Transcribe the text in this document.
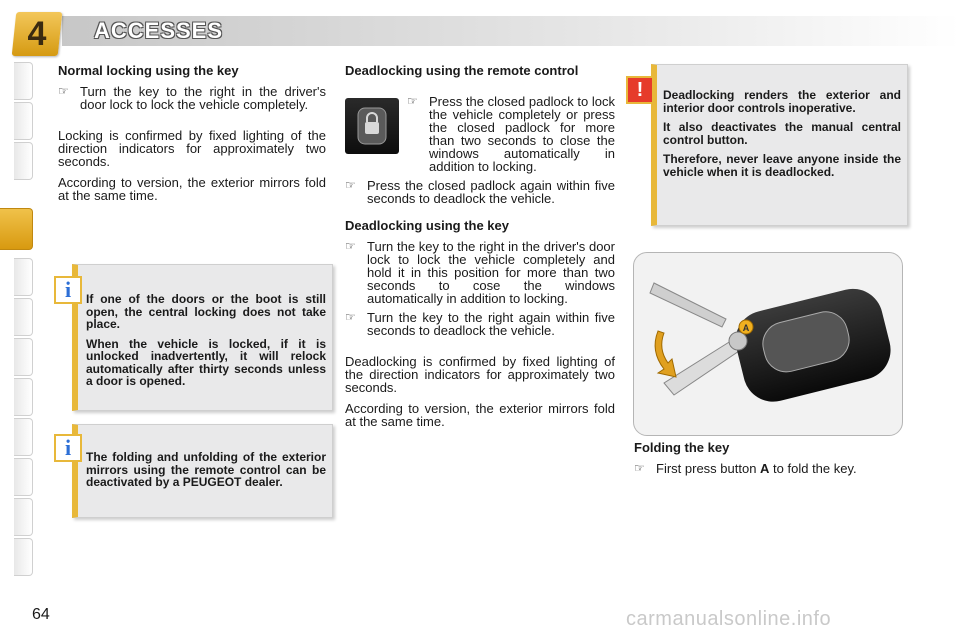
4	ACCESSES
Normal locking using the key
☞ Turn the key to the right in the driver's door lock to lock the vehicle completely.

Locking is confirmed by fixed lighting of the direction indicators for approximately two seconds.

According to version, the exterior mirrors fold at the same time.

If one of the doors or the boot is still open, the central locking does not take place.

When the vehicle is locked, if it is unlocked inadvertently, it will relock automatically after thirty seconds unless a door is opened.

i

The folding and unfolding of the exterior mirrors using the remote control can be deactivated by a PEUGEOT dealer.

i
Deadlocking using the remote control
☞ Press the closed padlock to lock the vehicle completely or press the closed padlock for more than two seconds to close the windows automatically in addition to locking.
☞ Press the closed padlock again within five seconds to deadlock the vehicle.
Deadlocking using the key
☞ Turn the key to the right in the driver's door lock to lock the vehicle completely and hold it in this position for more than two seconds to cose the windows automatically in addition to locking.
☞ Turn the key to the right again within five seconds to deadlock the vehicle.

Deadlocking is confirmed by fixed lighting of the direction indicators for approximately two seconds.

According to version, the exterior mirrors fold at the same time.

Deadlocking renders the exterior and interior door controls inoperative.

It also deactivates the manual central control button.

Therefore, never leave anyone inside the vehicle when it is deadlocked.

!
A
Folding the key
☞ First press button A to fold the key.
64	carmanualsonline.info
